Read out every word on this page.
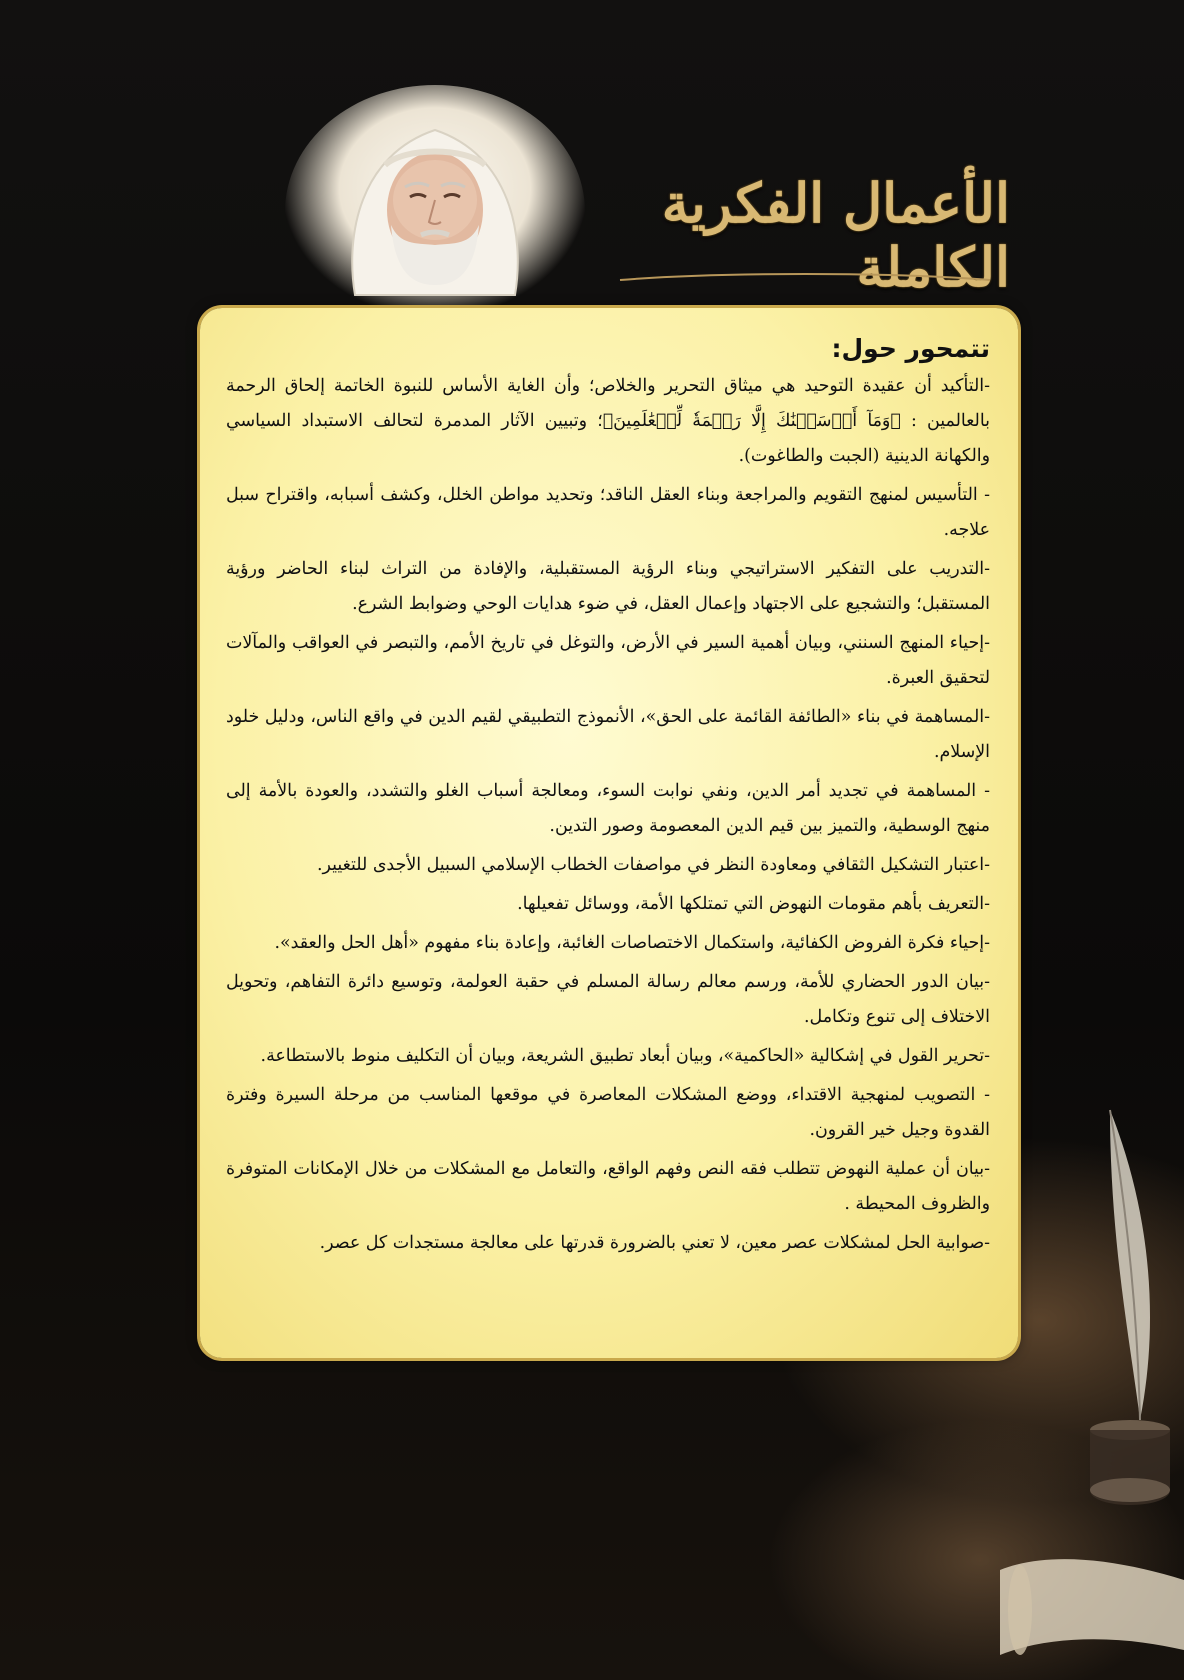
الأعمال الفكرية الكاملة
تتمحور حول:

-التأكيد أن عقيدة التوحيد هي ميثاق التحرير والخلاص؛ وأن الغاية الأساس للنبوة الخاتمة إلحاق الرحمة بالعالمين : ﴿وَمَآ أَرۡسَلۡنَٰكَ إِلَّا رَحۡمَةٗ لِّلۡعَٰلَمِينَ﴾؛ وتبيين الآثار المدمرة لتحالف الاستبداد السياسي والكهانة الدينية (الجبت والطاغوت).

- التأسيس لمنهج التقويم والمراجعة وبناء العقل الناقد؛ وتحديد مواطن الخلل، وكشف أسبابه، واقتراح سبل علاجه.

-التدريب على التفكير الاستراتيجي وبناء الرؤية المستقبلية، والإفادة من التراث لبناء الحاضر ورؤية المستقبل؛ والتشجيع على الاجتهاد وإعمال العقل، في ضوء هدايات الوحي وضوابط الشرع.

-إحياء المنهج السنني، وبيان أهمية السير في الأرض، والتوغل في تاريخ الأمم، والتبصر في العواقب والمآلات لتحقيق العبرة.

-المساهمة في بناء «الطائفة القائمة على الحق»، الأنموذج التطبيقي لقيم الدين في واقع الناس، ودليل خلود الإسلام.

- المساهمة في تجديد أمر الدين، ونفي نوابت السوء، ومعالجة أسباب الغلو والتشدد، والعودة بالأمة إلى منهج الوسطية، والتميز بين قيم الدين المعصومة وصور التدين.

-اعتبار التشكيل الثقافي ومعاودة النظر في مواصفات الخطاب الإسلامي السبيل الأجدى للتغيير.

-التعريف بأهم مقومات النهوض التي تمتلكها الأمة، ووسائل تفعيلها.

-إحياء فكرة الفروض الكفائية، واستكمال الاختصاصات الغائبة، وإعادة بناء مفهوم «أهل الحل والعقد».

-بيان الدور الحضاري للأمة، ورسم معالم رسالة المسلم في حقبة العولمة، وتوسيع دائرة التفاهم، وتحويل الاختلاف إلى تنوع وتكامل.

-تحرير القول في إشكالية «الحاكمية»، وبيان أبعاد تطبيق الشريعة، وبيان أن التكليف منوط بالاستطاعة.

- التصويب لمنهجية الاقتداء، ووضع المشكلات المعاصرة في موقعها المناسب من مرحلة السيرة وفترة القدوة وجيل خير القرون.

-بيان أن عملية النهوض تتطلب فقه النص وفهم الواقع، والتعامل مع المشكلات من خلال الإمكانات المتوفرة والظروف المحيطة .

-صوابية الحل لمشكلات عصر معين، لا تعني بالضرورة قدرتها على معالجة مستجدات كل عصر.
